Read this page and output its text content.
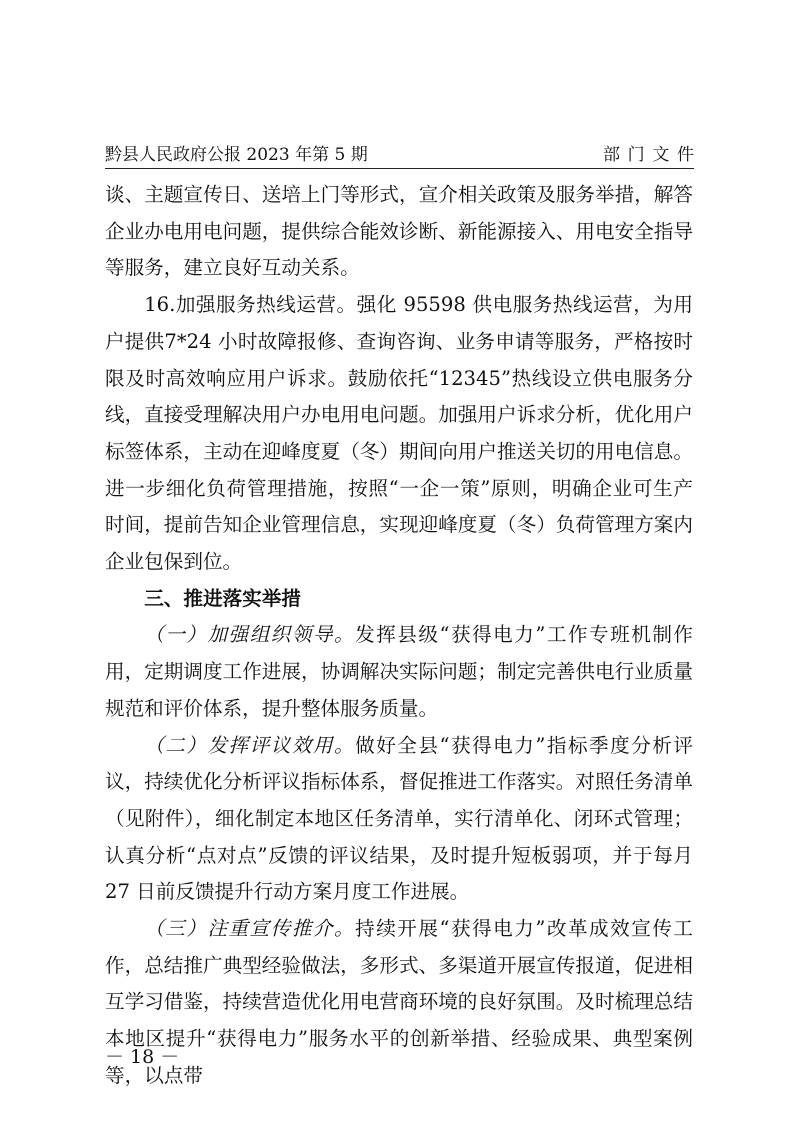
黔县人民政府公报 2023 年第 5 期	部门文件

谈、主题宣传日、送培上门等形式，宣介相关政策及服务举措，解答企业办电用电问题，提供综合能效诊断、新能源接入、用电安全指导等服务，建立良好互动关系。

16.加强服务热线运营。强化 95598 供电服务热线运营，为用户提供7*24 小时故障报修、查询咨询、业务申请等服务，严格按时限及时高效响应用户诉求。鼓励依托“12345”热线设立供电服务分线，直接受理解决用户办电用电问题。加强用户诉求分析，优化用户标签体系，主动在迎峰度夏（冬）期间向用户推送关切的用电信息。进一步细化负荷管理措施，按照“一企一策”原则，明确企业可生产时间，提前告知企业管理信息，实现迎峰度夏（冬）负荷管理方案内企业包保到位。

三、推进落实举措

（一）加强组织领导。发挥县级“获得电力”工作专班机制作用，定期调度工作进展，协调解决实际问题；制定完善供电行业质量规范和评价体系，提升整体服务质量。

（二）发挥评议效用。做好全县“获得电力”指标季度分析评议，持续优化分析评议指标体系，督促推进工作落实。对照任务清单（见附件），细化制定本地区任务清单，实行清单化、闭环式管理；认真分析“点对点”反馈的评议结果，及时提升短板弱项，并于每月 27 日前反馈提升行动方案月度工作进展。

（三）注重宣传推介。持续开展“获得电力”改革成效宣传工作，总结推广典型经验做法，多形式、多渠道开展宣传报道，促进相互学习借鉴，持续营造优化用电营商环境的良好氛围。及时梳理总结本地区提升“获得电力”服务水平的创新举措、经验成果、典型案例等，以点带

－ 18 －
